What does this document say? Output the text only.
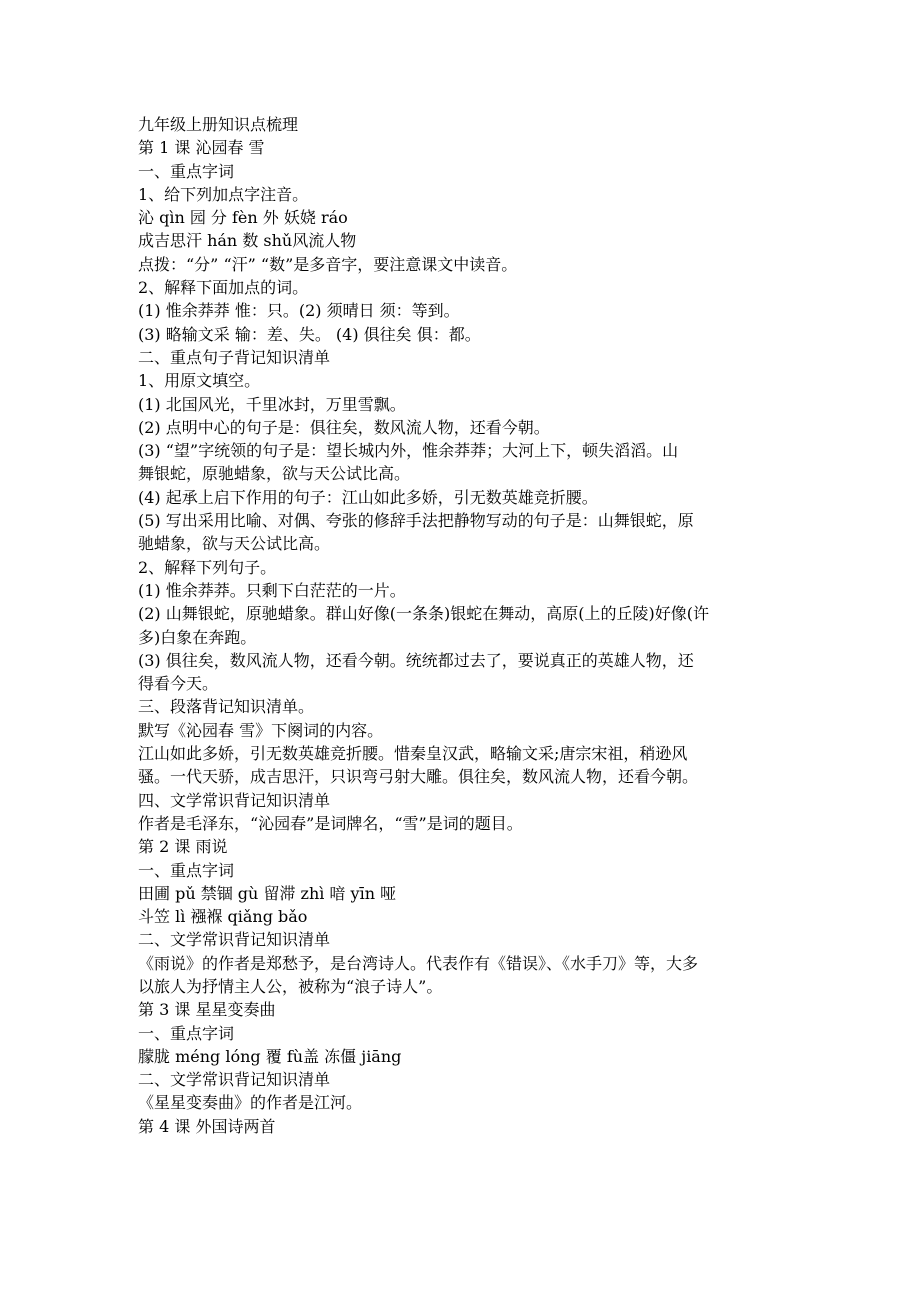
九年级上册知识点梳理
第 1 课 沁园春 雪
一、重点字词
1、给下列加点字注音。
沁 qìn 园 分 fèn 外 妖娆 ráo
成吉思汗 hán 数 shǔ风流人物
点拨：“分” “汗” “数”是多音字，要注意课文中读音。
2、解释下面加点的词。
(1) 惟余莽莽 惟：只。(2) 须晴日 须：等到。
(3) 略输文采 输：差、失。 (4) 俱往矣 俱：都。
二、重点句子背记知识清单
1、用原文填空。
(1) 北国风光，千里冰封，万里雪飘。
(2) 点明中心的句子是：俱往矣，数风流人物，还看今朝。
(3) “望”字统领的句子是：望长城内外，惟余莽莽；大河上下，顿失滔滔。山
舞银蛇，原驰蜡象，欲与天公试比高。
(4) 起承上启下作用的句子：江山如此多娇，引无数英雄竞折腰。
(5) 写出采用比喻、对偶、夸张的修辞手法把静物写动的句子是：山舞银蛇，原
驰蜡象，欲与天公试比高。
2、解释下列句子。
(1) 惟余莽莽。只剩下白茫茫的一片。
(2) 山舞银蛇，原驰蜡象。群山好像(一条条)银蛇在舞动，高原(上的丘陵)好像(许
多)白象在奔跑。
(3) 俱往矣，数风流人物，还看今朝。统统都过去了，要说真正的英雄人物，还
得看今天。
三、段落背记知识清单。
默写《沁园春 雪》下阕词的内容。
江山如此多娇，引无数英雄竞折腰。惜秦皇汉武，略输文采;唐宗宋祖，稍逊风
骚。一代天骄，成吉思汗，只识弯弓射大雕。俱往矣，数风流人物，还看今朝。
四、文学常识背记知识清单
作者是毛泽东，“沁园春”是词牌名，“雪”是词的题目。
第 2 课 雨说
一、重点字词
田圃 pǔ 禁锢 gù 留滞 zhì 喑 yīn 哑
斗笠 lì 襁褓 qiǎng bǎo
二、文学常识背记知识清单
《雨说》的作者是郑愁予，是台湾诗人。代表作有《错误》、《水手刀》等，大多
以旅人为抒情主人公，被称为“浪子诗人”。
第 3 课 星星变奏曲
一、重点字词
朦胧 méng lóng 覆 fù盖 冻僵 jiāng
二、文学常识背记知识清单
《星星变奏曲》的作者是江河。
第 4 课 外国诗两首
